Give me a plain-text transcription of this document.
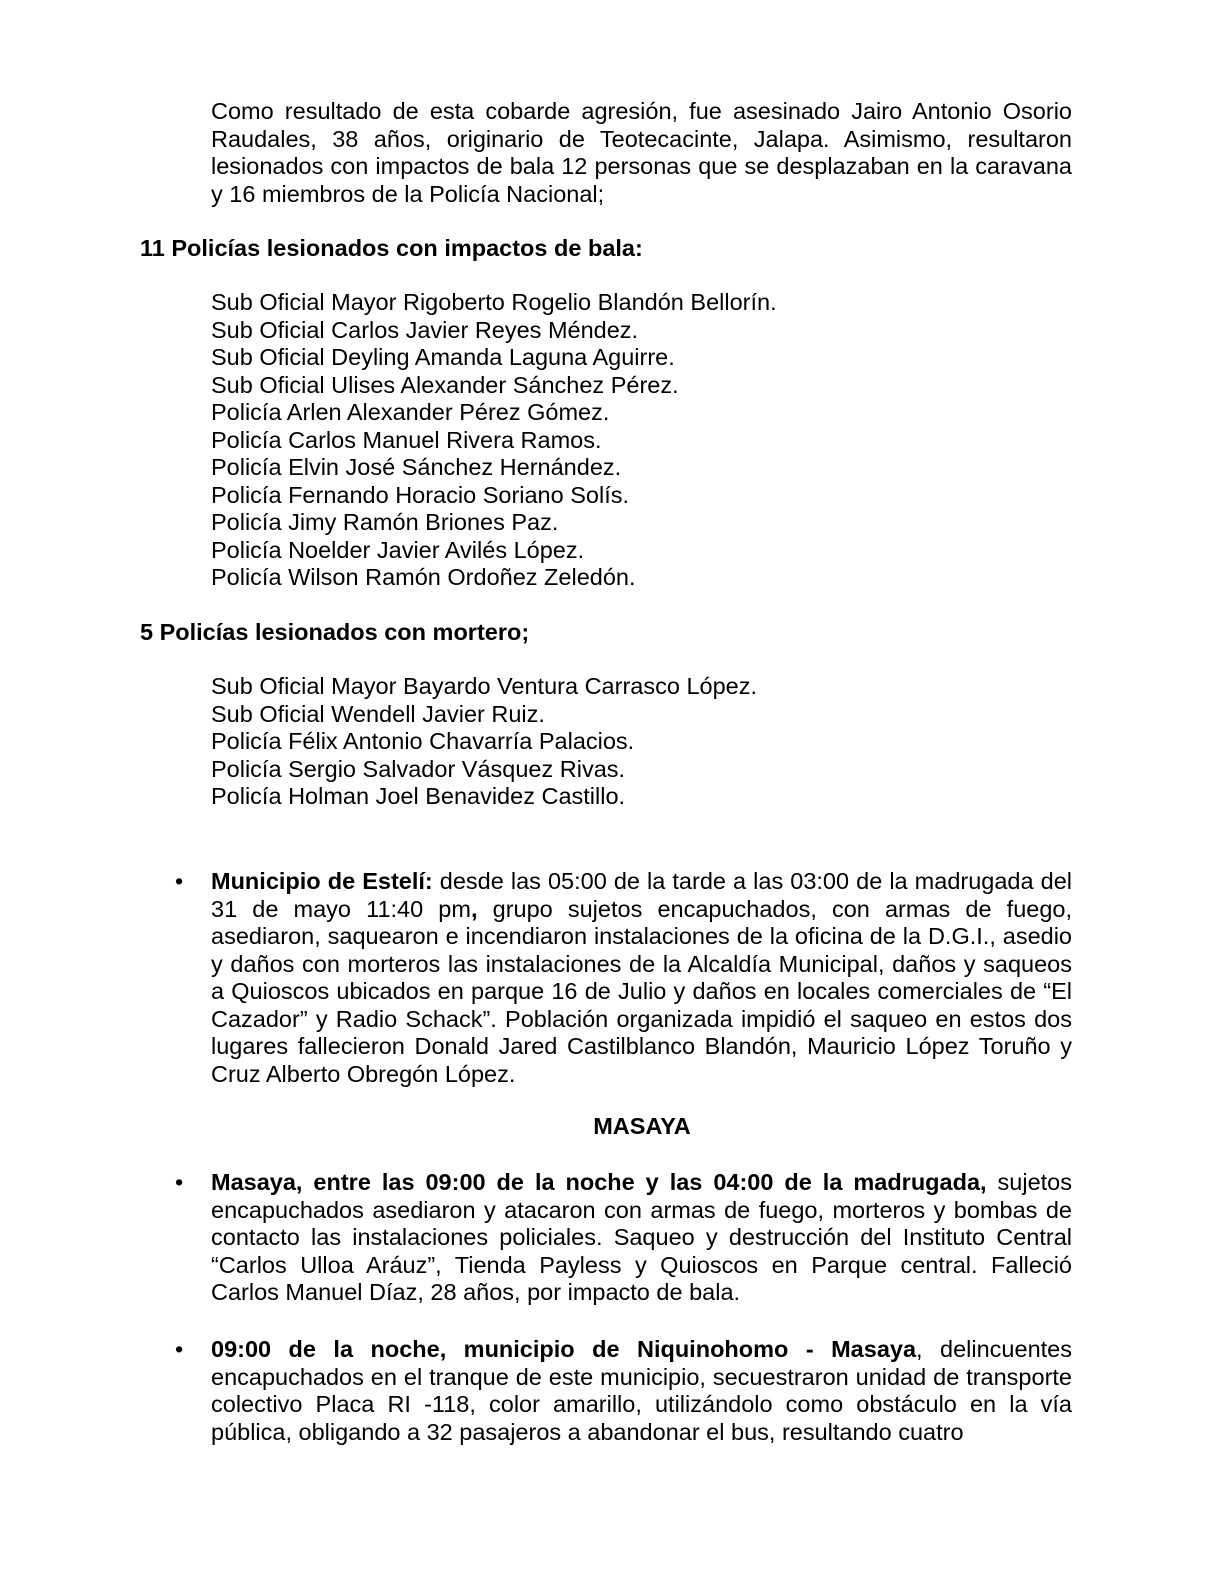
Como resultado de esta cobarde agresión, fue asesinado Jairo Antonio Osorio Raudales, 38 años, originario de Teotecacinte, Jalapa. Asimismo, resultaron lesionados con impactos de bala 12 personas que se desplazaban en la caravana y 16 miembros de la Policía Nacional;

11 Policías lesionados con impactos de bala:

Sub Oficial Mayor Rigoberto Rogelio Blandón Bellorín.
Sub Oficial Carlos Javier Reyes Méndez.
Sub Oficial Deyling Amanda Laguna Aguirre.
Sub Oficial Ulises Alexander Sánchez Pérez.
Policía Arlen Alexander Pérez Gómez.
Policía Carlos Manuel Rivera Ramos.
Policía Elvin José Sánchez Hernández.
Policía Fernando Horacio Soriano Solís.
Policía Jimy Ramón Briones Paz.
Policía Noelder Javier Avilés López.
Policía Wilson Ramón Ordoñez Zeledón.

5 Policías lesionados con mortero;

Sub Oficial Mayor Bayardo Ventura Carrasco López.
Sub Oficial Wendell Javier Ruiz.
Policía Félix Antonio Chavarría Palacios.
Policía Sergio Salvador Vásquez Rivas.
Policía Holman Joel Benavidez Castillo.
• Municipio de Estelí: desde las 05:00 de la tarde a las 03:00 de la madrugada del 31 de mayo 11:40 pm, grupo sujetos encapuchados, con armas de fuego, asediaron, saquearon e incendiaron instalaciones de la oficina de la D.G.I., asedio y daños con morteros las instalaciones de la Alcaldía Municipal, daños y saqueos a Quioscos ubicados en parque 16 de Julio y daños en locales comerciales de “El Cazador” y Radio Schack”. Población organizada impidió el saqueo en estos dos lugares fallecieron Donald Jared Castilblanco Blandón, Mauricio López Toruño y Cruz Alberto Obregón López.

MASAYA

• Masaya, entre las 09:00 de la noche y las 04:00 de la madrugada, sujetos encapuchados asediaron y atacaron con armas de fuego, morteros y bombas de contacto las instalaciones policiales. Saqueo y destrucción del Instituto Central “Carlos Ulloa Aráuz”, Tienda Payless y Quioscos en Parque central. Falleció Carlos Manuel Díaz, 28 años, por impacto de bala.

• 09:00 de la noche, municipio de Niquinohomo - Masaya, delincuentes encapuchados en el tranque de este municipio, secuestraron unidad de transporte colectivo Placa RI -118, color amarillo, utilizándolo como obstáculo en la vía pública, obligando a 32 pasajeros a abandonar el bus, resultando cuatro
